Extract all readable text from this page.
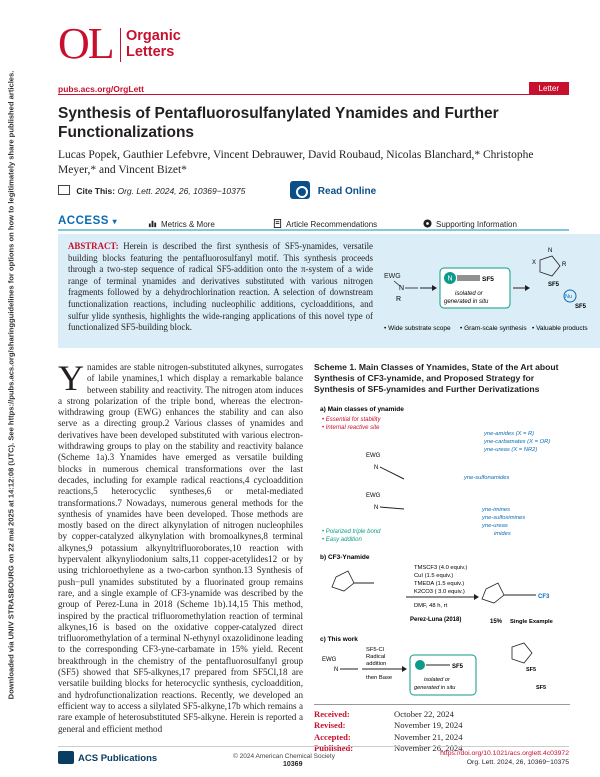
Downloaded via UNIV STRASBOURG on 22 mai 2025 at 14:12:08 (UTC). See https://pubs.acs.org/sharingguidelines for options on how to legitimately share published articles.
OL Organic
Letters
pubs.acs.org/OrgLett	Letter
Synthesis of Pentafluorosulfanylated Ynamides and Further Functionalizations
Lucas Popek, Gauthier Lefebvre, Vincent Debrauwer, David Roubaud, Nicolas Blanchard,* Christophe Meyer,* and Vincent Bizet*
Cite This: Org. Lett. 2024, 26, 10369−10375	Read Online
ACCESS ▾	Metrics & More	Article Recommendations	Supporting Information
ABSTRACT: Herein is described the first synthesis of SF5-ynamides, versatile building blocks featuring the pentafluorosulfanyl motif. This synthesis proceeds through a two-step sequence of radical SF5-addition onto the π-system of a wide range of terminal ynamides and derivatives substituted with various nitrogen fragments followed by a dehydrochlorination reaction. A selection of downstream functionalization reactions, including nucleophilic additions, cycloadditions, and sulfur ylide synthesis, highlights the wide-ranging applications of this novel type of functionalized SF5-building block.
EWG
N
R
N	SF5
isolated or
generated in situ
X
N
R
SF5
Nu
SF5
• Wide substrate scope • Gram-scale synthesis • Valuable products
Ynamides are stable nitrogen-substituted alkynes, surrogates of labile ynamines,1 which display a remarkable balance between stability and reactivity. The nitrogen atom induces a strong polarization of the triple bond, whereas the electron-withdrawing group (EWG) enhances the stability and can also serve as a directing group.2 Various classes of ynamides and derivatives have been developed substituted with various electron-withdrawing groups to play on the stability and reactivity balance (Scheme 1a).3 Ynamides have emerged as versatile building blocks in numerous chemical transformations over the last decades, including for example radical reactions,4 cycloaddition reactions,5 heterocyclic syntheses,6 or metal-mediated transformations.7 Nowadays, numerous general methods for the synthesis of ynamides have been developed. Those methods are mostly based on the direct alkynylation of nitrogen nucleophiles by copper-catalyzed alkynylation with bromoalkynes,8 terminal alkynes,9 potassium alkynyltrifluoroborates,10 reaction with hypervalent alkynyliodonium salts,11 copper-acetylides12 or by using trichloroethylene as a two-carbon synthon.13 Synthesis of push−pull ynamides substituted by a fluorinated group remains rare, and a single example of CF3-ynamide was described by the group of Perez-Luna in 2018 (Scheme 1b).14,15 This method, inspired by the practical trifluoromethylation reaction of terminal alkynes,16 is based on the oxidative copper-catalyzed direct trifluoromethylation of a terminal N-ethynyl oxazolidinone leading to the corresponding CF3-yne-carbamate in 15% yield. Recent breakthrough in the chemistry of the pentafluorosulfanyl group (SF5) showed that SF5-alkynes,17 prepared from SF5Cl,18 are versatile building blocks for heterocyclic synthesis, cycloaddition, and hydrofunctionalization reactions. Recently, we developed an efficient way to access a silylated SF5-alkyne,17b which remains a rare example of heterosubstituted SF5-alkyne. Herein is reported a general and efficient method
Scheme 1. Main Classes of Ynamides, State of the Art about Synthesis of CF3-ynamide, and Proposed Strategy for Synthesis of SF5-ynamides and Further Derivatizations
a) Main classes of ynamide
• Essential for stability
• Internal reactive site
EWG
N
EWG
N
• Polarized triple bond
• Easy addition
yne-amides (X = R)
yne-carbamates (X = OR)
yne-ureas (X = NR2)
yne-sulfonamides
yne-imines
yne-sulfoximines
yne-ureas
imides
b) CF3-Ynamide
TMSCF3 (4.0 equiv.)
CuI (1.5 equiv.)
TMEDA (1.5 equiv.)
K2CO3 ( 3.0 equiv.)
DMF, 48 h, rt
CF3
Perez-Luna (2018)	15% Single Example
c) This work
EWG
N
SF5-Cl
Radical
addition
then Base
SF5
isolated or
generated in situ
SF5
SF5
Received:	October 22, 2024
Revised:	November 19, 2024
Accepted:	November 21, 2024
Published:	November 26, 2024
ACS Publications	© 2024 American Chemical Society
10369
https://doi.org/10.1021/acs.orglett.4c03972
Org. Lett. 2024, 26, 10369−10375
